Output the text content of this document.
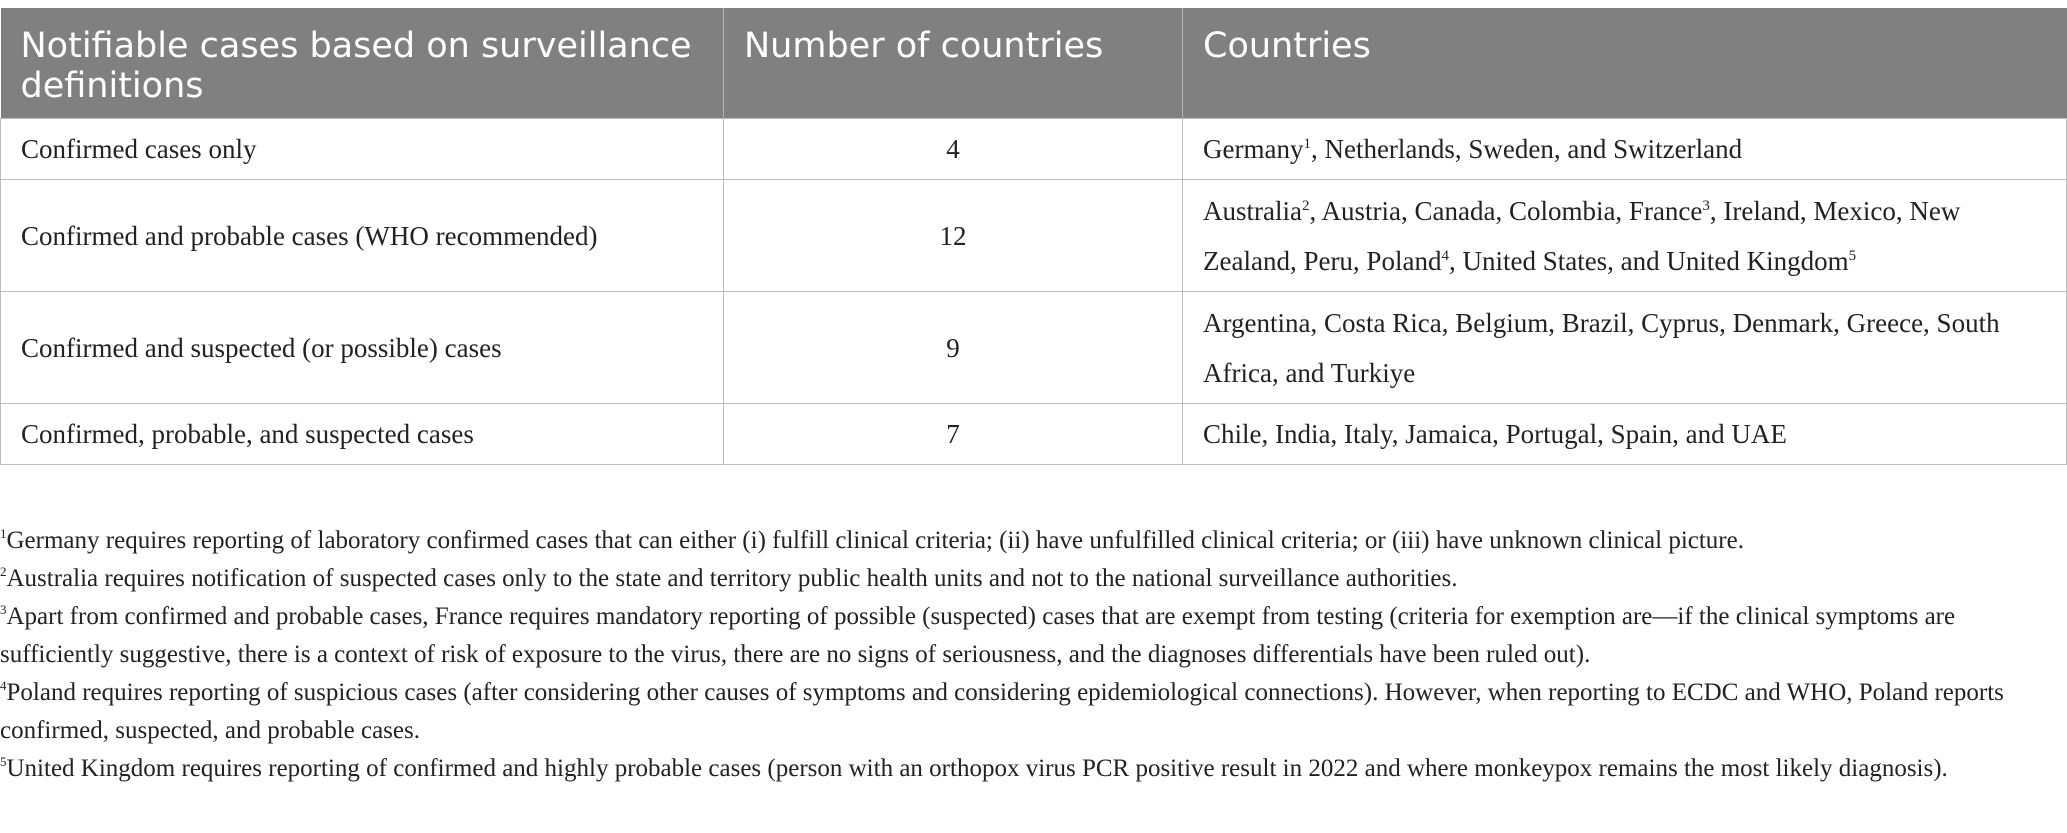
Notifiable cases based on surveillance definitions	Number of countries	Countries
Confirmed cases only	4	Germany$^1$, Netherlands, Sweden, and Switzerland
Confirmed and probable cases (WHO recommended)	12	Australia$^2$, Austria, Canada, Colombia, France$^3$, Ireland, Mexico, New Zealand, Peru, Poland$^4$, United States, and United Kingdom$^5$
Confirmed and suspected (or possible) cases	9	Argentina, Costa Rica, Belgium, Brazil, Cyprus, Denmark, Greece, South Africa, and Turkiye
Confirmed, probable, and suspected cases	7	Chile, India, Italy, Jamaica, Portugal, Spain, and UAE

$^1$Germany requires reporting of laboratory confirmed cases that can either (i) fulfill clinical criteria; (ii) have unfulfilled clinical criteria; or (iii) have unknown clinical picture.

$^2$Australia requires notification of suspected cases only to the state and territory public health units and not to the national surveillance authorities.

$^3$Apart from confirmed and probable cases, France requires mandatory reporting of possible (suspected) cases that are exempt from testing (criteria for exemption are—if the clinical symptoms are sufficiently suggestive, there is a context of risk of exposure to the virus, there are no signs of seriousness, and the diagnoses differentials have been ruled out).

$^4$Poland requires reporting of suspicious cases (after considering other causes of symptoms and considering epidemiological connections). However, when reporting to ECDC and WHO, Poland reports confirmed, suspected, and probable cases.

$^5$United Kingdom requires reporting of confirmed and highly probable cases (person with an orthopox virus PCR positive result in 2022 and where monkeypox remains the most likely diagnosis).
